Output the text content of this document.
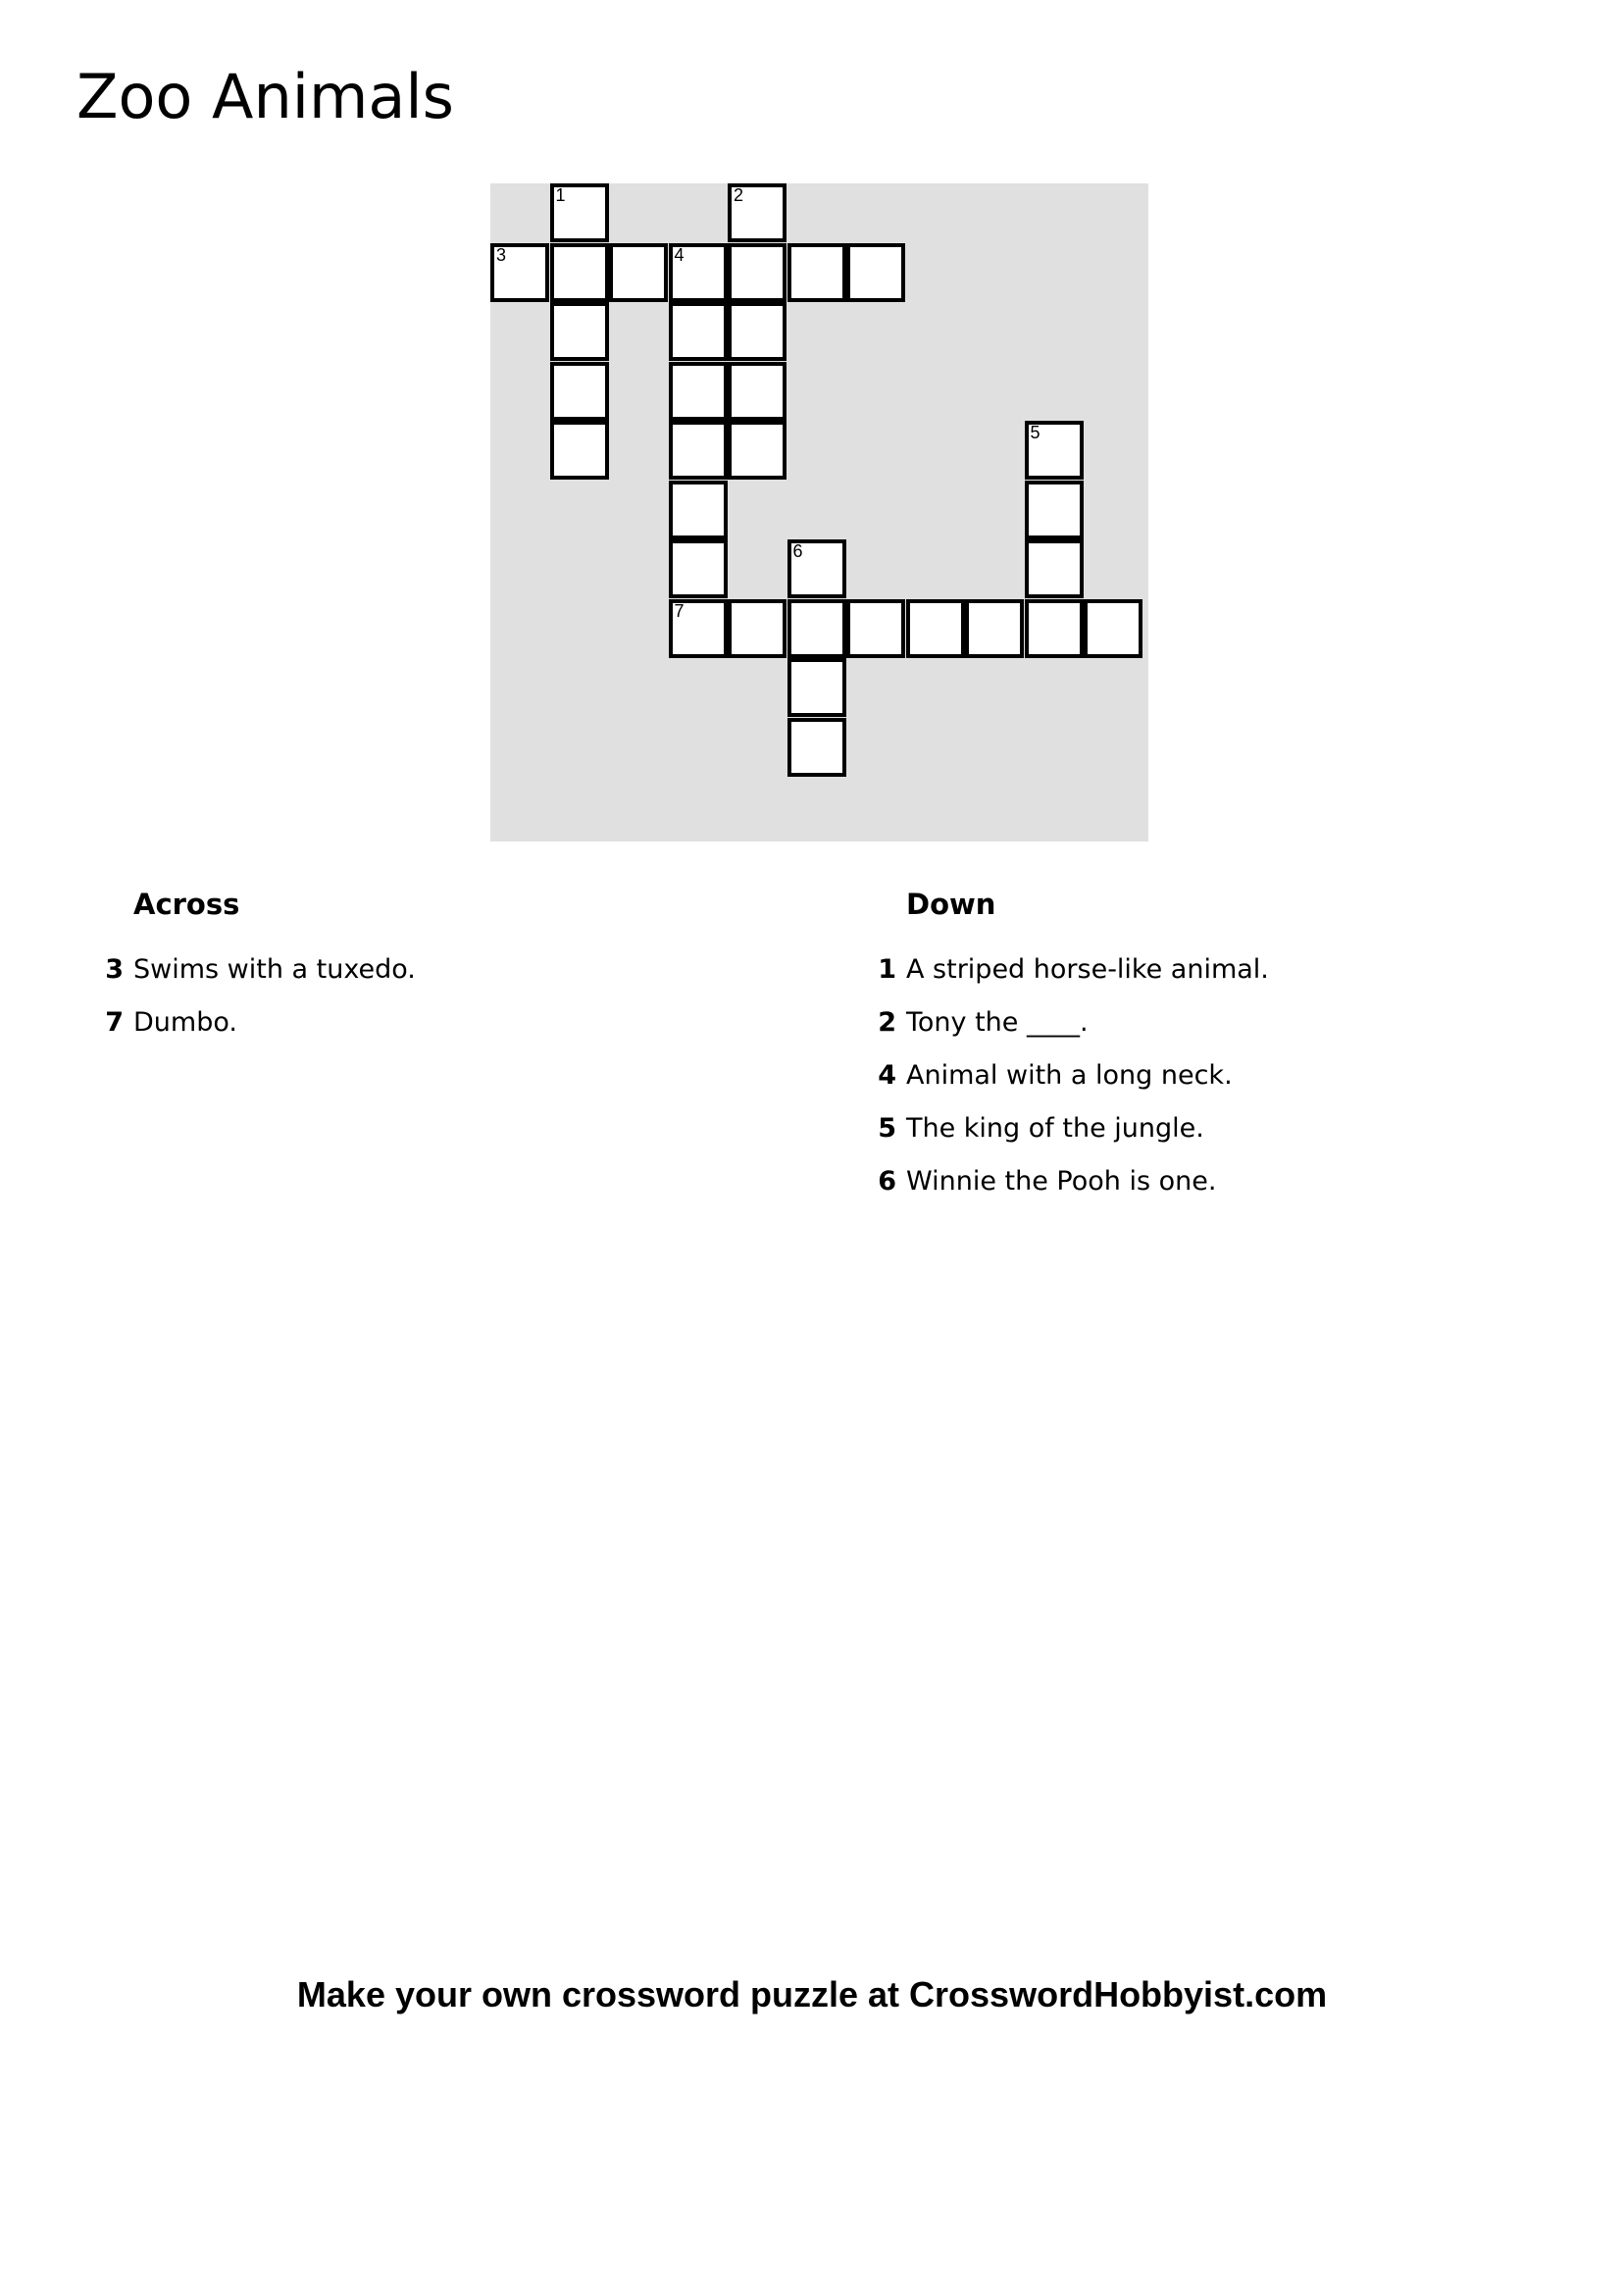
Zoo Animals
1	2
3	4
5
6
7
Across
3 Swims with a tuxedo.
7 Dumbo.
Down
1 A striped horse-like animal.
2 Tony the ____.
4 Animal with a long neck.
5 The king of the jungle.
6 Winnie the Pooh is one.

Make your own crossword puzzle at CrosswordHobbyist.com
